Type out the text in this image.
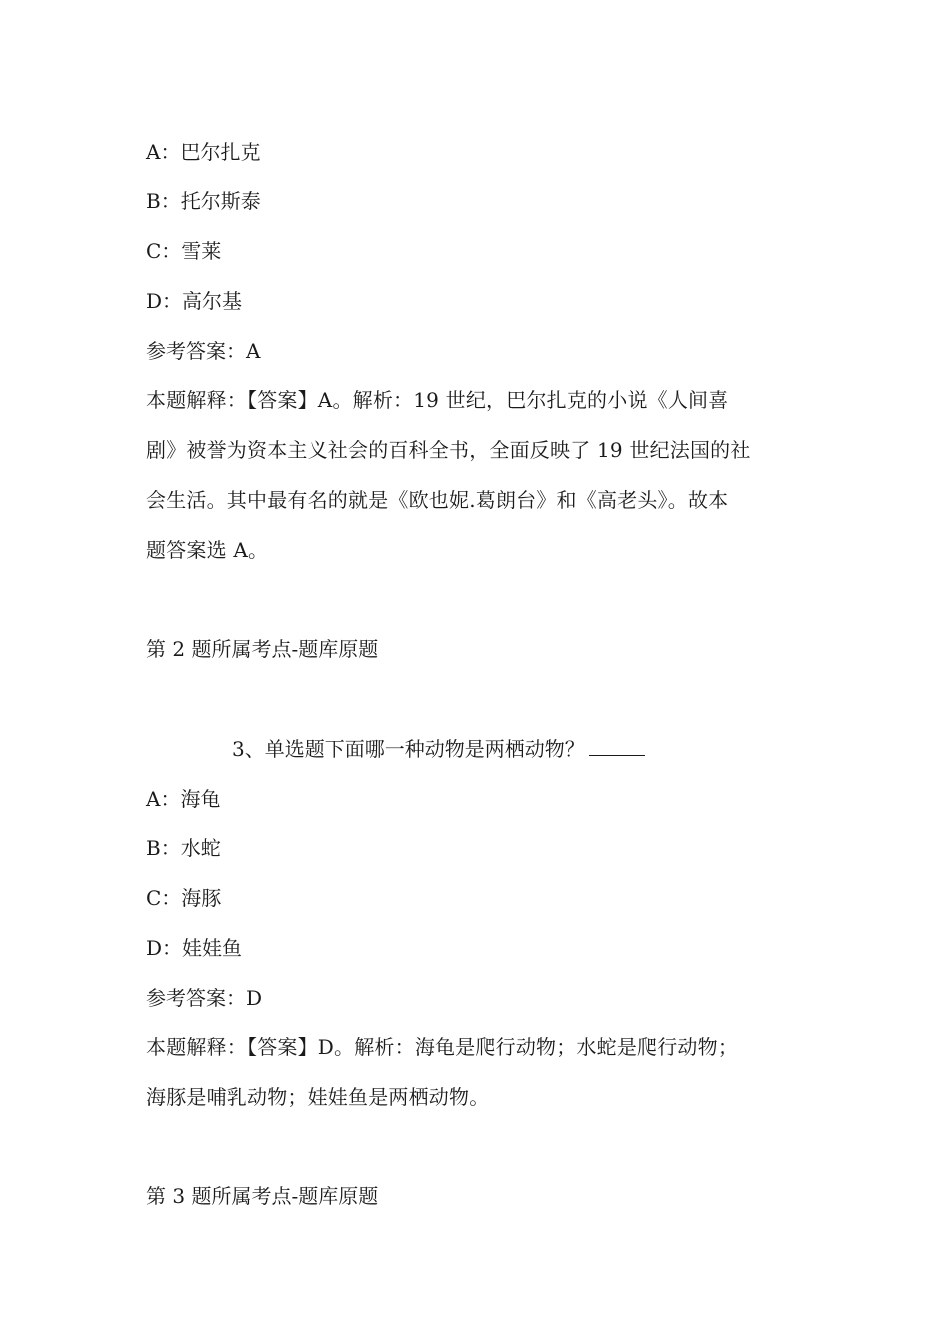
A：巴尔扎克
B：托尔斯泰
C：雪莱
D：高尔基
参考答案：A
本题解释：【答案】A。解析：19 世纪，巴尔扎克的小说《人间喜
剧》被誉为资本主义社会的百科全书，全面反映了 19 世纪法国的社
会生活。其中最有名的就是《欧也妮.葛朗台》和《高老头》。故本
题答案选 A。
第 2 题所属考点-题库原题
3、单选题下面哪一种动物是两栖动物？
A：海龟
B：水蛇
C：海豚
D：娃娃鱼
参考答案：D
本题解释：【答案】D。解析：海龟是爬行动物；水蛇是爬行动物；
海豚是哺乳动物；娃娃鱼是两栖动物。
第 3 题所属考点-题库原题
